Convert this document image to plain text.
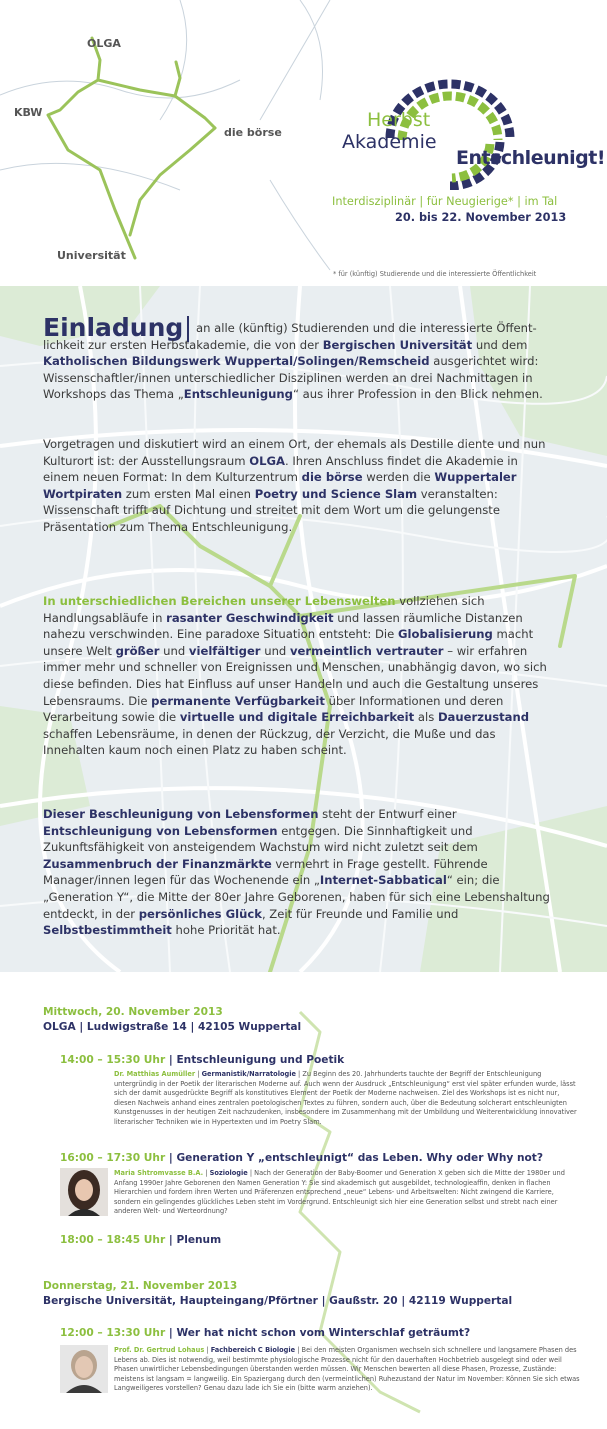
OLGA
KBW
die börse
Universität
Herbst
Akademie
Entschleunigt!
Interdisziplinär | für Neugierige* | im Tal
20. bis 22. November 2013
* für (künftig) Studierende und die interessierte Öffentlichkeit
Einladung	an alle (künftig) Studierenden und die interessierte Öffent-lichkeit zur ersten Herbstakademie, die von der Bergischen Universität und dem Katholischen Bildungswerk Wuppertal/Solingen/Remscheid ausgerichtet wird: Wissenschaftler/innen unterschiedlicher Disziplinen werden an drei Nachmittagen in Workshops das Thema „Entschleunigung“ aus ihrer Profession in den Blick nehmen.
Vorgetragen und diskutiert wird an einem Ort, der ehemals als Destille diente und nun Kulturort ist: der Ausstellungsraum OLGA. Ihren Anschluss findet die Akademie in einem neuen Format: In dem Kulturzentrum die börse werden die Wuppertaler Wortpiraten zum ersten Mal einen Poetry und Science Slam veranstalten: Wissenschaft trifft auf Dichtung und streitet mit dem Wort um die gelungenste Präsentation zum Thema Entschleunigung.
In unterschiedlichen Bereichen unserer Lebenswelten vollziehen sich Handlungsabläufe in rasanter Geschwindigkeit und lassen räumliche Distanzen nahezu verschwinden. Eine paradoxe Situation entsteht: Die Globalisierung macht unsere Welt größer und vielfältiger und vermeintlich vertrauter – wir erfahren immer mehr und schneller von Ereignissen und Menschen, unabhängig davon, wo sich diese befinden. Dies hat Einfluss auf unser Handeln und auch die Gestaltung unseres Lebensraums. Die permanente Verfügbarkeit über Informationen und deren Verarbeitung sowie die virtuelle und digitale Erreichbarkeit als Dauerzustand schaffen Lebensräume, in denen der Rückzug, der Verzicht, die Muße und das Innehalten kaum noch einen Platz zu haben scheint.
Dieser Beschleunigung von Lebensformen steht der Entwurf einer Entschleunigung von Lebensformen entgegen. Die Sinnhaftigkeit und Zukunftsfähigkeit von ansteigendem Wachstum wird nicht zuletzt seit dem Zusammenbruch der Finanzmärkte vermehrt in Frage gestellt. Führende Manager/innen legen für das Wochenende ein „Internet-Sabbatical“ ein; die „Generation Y“, die Mitte der 80er Jahre Geborenen, haben für sich eine Lebenshaltung entdeckt, in der persönliches Glück, Zeit für Freunde und Familie und Selbstbestimmtheit hohe Priorität hat.
Mittwoch, 20. November 2013
OLGA | Ludwigstraße 14 | 42105 Wuppertal
14:00 – 15:30 Uhr | Entschleunigung und Poetik
Dr. Matthias Aumüller | Germanistik/Narratologie | Zu Beginn des 20. Jahrhunderts tauchte der Begriff der Entschleunigung untergründig in der Poetik der literarischen Moderne auf. Auch wenn der Ausdruck „Entschleunigung“ erst viel später erfunden wurde, lässt sich der damit ausgedrückte Begriff als konstitutives Element der Poetik der Moderne nachweisen. Ziel des Workshops ist es nicht nur, diesen Nachweis anhand eines zentralen poetologischen Textes zu führen, sondern auch, über die Bedeutung solcherart entschleunigten Kunstgenusses in der heutigen Zeit nachzudenken, insbesondere im Zusammenhang mit der Umbildung und Weiterentwicklung innovativer literarischer Techniken wie in Hypertexten und im Poetry Slam.
16:00 – 17:30 Uhr | Generation Y „entschleunigt“ das Leben. Why oder Why not?
Maria Shtromvasse B.A. | Soziologie | Nach der Generation der Baby-Boomer und Generation X geben sich die Mitte der 1980er und Anfang 1990er Jahre Geborenen den Namen Generation Y: Sie sind akademisch gut ausgebildet, technologieaffin, denken in flachen Hierarchien und fordern ihren Werten und Präferenzen entsprechend „neue“ Lebens- und Arbeitswelten: Nicht zwingend die Karriere, sondern ein gelingendes glückliches Leben steht im Vordergrund. Entschleunigt sich hier eine Generation selbst und strebt nach einer anderen Welt- und Werteordnung?
18:00 – 18:45 Uhr | Plenum
Donnerstag, 21. November 2013
Bergische Universität, Haupteingang/Pförtner | Gaußstr. 20 | 42119 Wuppertal
12:00 – 13:30 Uhr | Wer hat nicht schon vom Winterschlaf geträumt?
Prof. Dr. Gertrud Lohaus | Fachbereich C Biologie | Bei den meisten Organismen wechseln sich schnellere und langsamere Phasen des Lebens ab. Dies ist notwendig, weil bestimmte physiologische Prozesse nicht für den dauerhaften Hochbetrieb ausgelegt sind oder weil Phasen unwirtlicher Lebensbedingungen überstanden werden müssen. Wir Menschen bewerten all diese Phasen, Prozesse, Zustände: meistens ist langsam = langweilig. Ein Spaziergang durch den (vermeintlichen) Ruhezustand der Natur im November: Können Sie sich etwas Langweiligeres vorstellen? Genau dazu lade ich Sie ein (bitte warm anziehen).
